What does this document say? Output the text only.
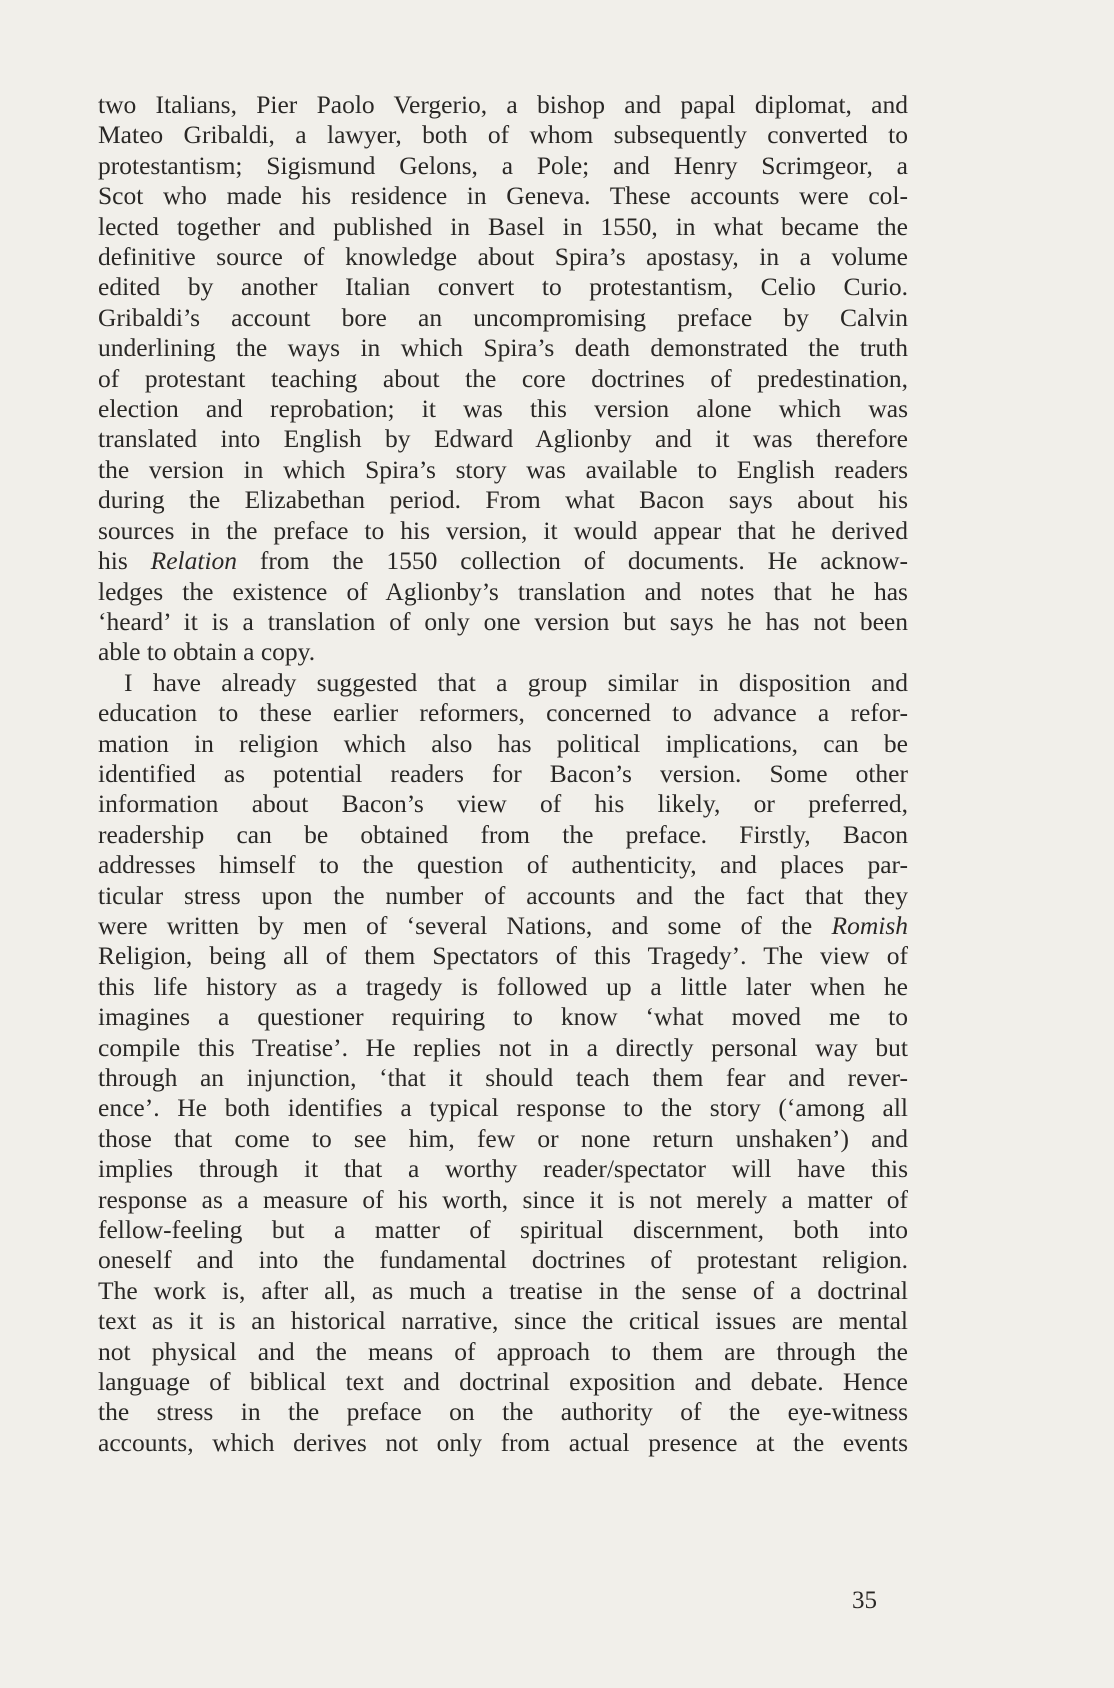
two Italians, Pier Paolo Vergerio, a bishop and papal diplomat, and
Mateo Gribaldi, a lawyer, both of whom subsequently converted to
protestantism; Sigismund Gelons, a Pole; and Henry Scrimgeor, a
Scot who made his residence in Geneva. These accounts were col-
lected together and published in Basel in 1550, in what became the
definitive source of knowledge about Spira’s apostasy, in a volume
edited by another Italian convert to protestantism, Celio Curio.
Gribaldi’s account bore an uncompromising preface by Calvin
underlining the ways in which Spira’s death demonstrated the truth
of protestant teaching about the core doctrines of predestination,
election and reprobation; it was this version alone which was
translated into English by Edward Aglionby and it was therefore
the version in which Spira’s story was available to English readers
during the Elizabethan period. From what Bacon says about his
sources in the preface to his version, it would appear that he derived
his Relation from the 1550 collection of documents. He acknow-
ledges the existence of Aglionby’s translation and notes that he has
‘heard’ it is a translation of only one version but says he has not been
able to obtain a copy.
I have already suggested that a group similar in disposition and
education to these earlier reformers, concerned to advance a refor-
mation in religion which also has political implications, can be
identified as potential readers for Bacon’s version. Some other
information about Bacon’s view of his likely, or preferred,
readership can be obtained from the preface. Firstly, Bacon
addresses himself to the question of authenticity, and places par-
ticular stress upon the number of accounts and the fact that they
were written by men of ‘several Nations, and some of the Romish
Religion, being all of them Spectators of this Tragedy’. The view of
this life history as a tragedy is followed up a little later when he
imagines a questioner requiring to know ‘what moved me to
compile this Treatise’. He replies not in a directly personal way but
through an injunction, ‘that it should teach them fear and rever-
ence’. He both identifies a typical response to the story (‘among all
those that come to see him, few or none return unshaken’) and
implies through it that a worthy reader/spectator will have this
response as a measure of his worth, since it is not merely a matter of
fellow-feeling but a matter of spiritual discernment, both into
oneself and into the fundamental doctrines of protestant religion.
The work is, after all, as much a treatise in the sense of a doctrinal
text as it is an historical narrative, since the critical issues are mental
not physical and the means of approach to them are through the
language of biblical text and doctrinal exposition and debate. Hence
the stress in the preface on the authority of the eye-witness
accounts, which derives not only from actual presence at the events
35
